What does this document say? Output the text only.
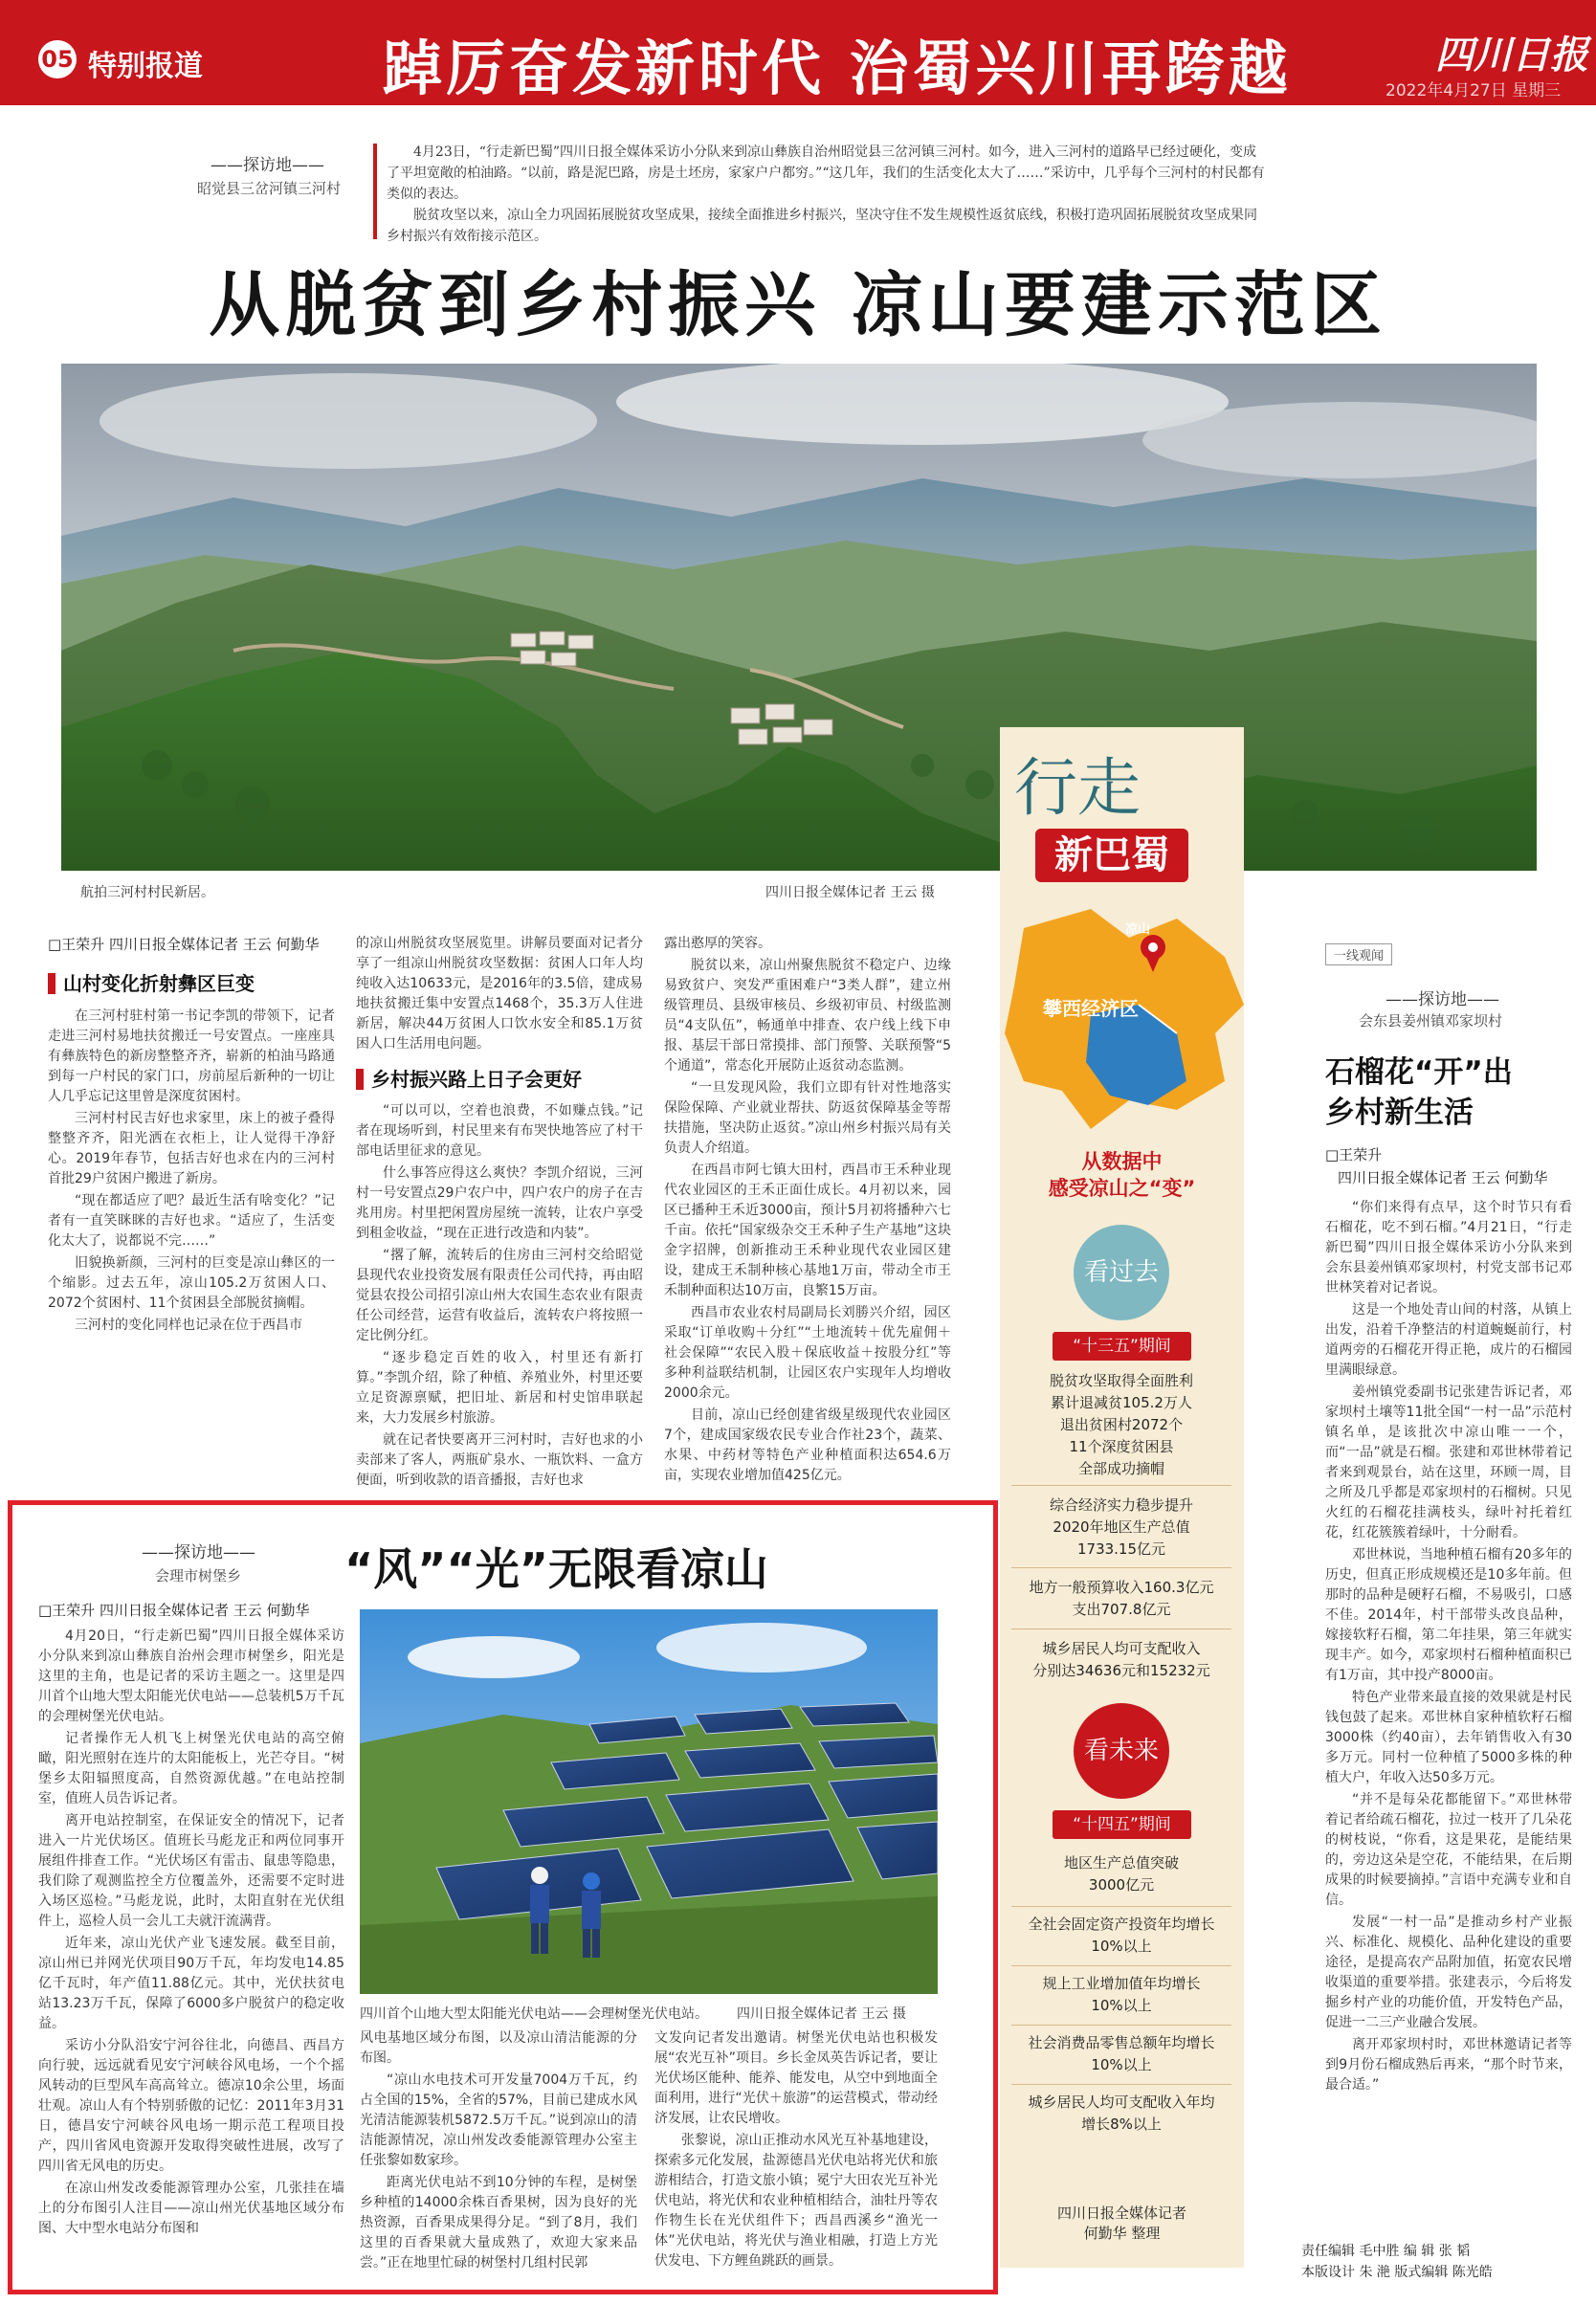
05 特别报道	踔厉奋发新时代 治蜀兴川再跨越	四川日报
2022年4月27日 星期三
——探访地——
昭觉县三岔河镇三河村
4月23日，“行走新巴蜀”四川日报全媒体采访小分队来到凉山彝族自治州昭觉县三岔河镇三河村。如今，进入三河村的道路早已经过硬化，变成了平坦宽敞的柏油路。“以前，路是泥巴路，房是土坯房，家家户户都穷。”“这几年，我们的生活变化太大了……”采访中，几乎每个三河村的村民都有类似的表达。
脱贫攻坚以来，凉山全力巩固拓展脱贫攻坚成果，接续全面推进乡村振兴，坚决守住不发生规模性返贫底线，积极打造巩固拓展脱贫攻坚成果同乡村振兴有效衔接示范区。
从脱贫到乡村振兴 凉山要建示范区
航拍三河村村民新居。	四川日报全媒体记者 王云 摄
□王荣升 四川日报全媒体记者 王云 何勤华
山村变化折射彝区巨变

在三河村驻村第一书记李凯的带领下，记者走进三河村易地扶贫搬迁一号安置点。一座座具有彝族特色的新房整整齐齐，崭新的柏油马路通到每一户村民的家门口，房前屋后新种的一切让人几乎忘记这里曾是深度贫困村。

三河村村民吉好也求家里，床上的被子叠得整整齐齐，阳光洒在衣柜上，让人觉得干净舒心。2019年春节，包括吉好也求在内的三河村首批29户贫困户搬进了新房。

“现在都适应了吧？最近生活有啥变化？”记者有一直笑眯眯的吉好也求。“适应了，生活变化太大了，说都说不完……”

旧貌换新颜，三河村的巨变是凉山彝区的一个缩影。过去五年，凉山105.2万贫困人口、2072个贫困村、11个贫困县全部脱贫摘帽。

三河村的变化同样也记录在位于西昌市

的凉山州脱贫攻坚展览里。讲解员要面对记者分享了一组凉山州脱贫攻坚数据：贫困人口年人均纯收入达10633元，是2016年的3.5倍，建成易地扶贫搬迁集中安置点1468个，35.3万人住进新居，解决44万贫困人口饮水安全和85.1万贫困人口生活用电问题。

乡村振兴路上日子会更好

“可以可以，空着也浪费，不如赚点钱。”记者在现场听到，村民里来有布哭快地答应了村干部电话里征求的意见。

什么事答应得这么爽快？李凯介绍说，三河村一号安置点29户农户中，四户农户的房子在吉兆用房。村里把闲置房屋统一流转，让农户享受到租金收益，“现在正进行改造和内装”。

“撂了解，流转后的住房由三河村交给昭觉县现代农业投资发展有限责任公司代持，再由昭觉县农投公司招引凉山州大农国生态农业有限责任公司经营，运营有收益后，流转农户将按照一定比例分红。

“逐步稳定百姓的收入，村里还有新打算。”李凯介绍，除了种植、养殖业外，村里还要立足资源禀赋，把旧址、新居和村史馆串联起来，大力发展乡村旅游。

就在记者快要离开三河村时，吉好也求的小卖部来了客人，两瓶矿泉水、一瓶饮料、一盒方便面，听到收款的语音播报，吉好也求

露出憨厚的笑容。

脱贫以来，凉山州聚焦脱贫不稳定户、边缘易致贫户、突发严重困难户“3类人群”，建立州级管理员、县级审核员、乡级初审员、村级监测员“4支队伍”，畅通单中排查、农户线上线下申报、基层干部日常摸排、部门预警、关联预警“5个通道”，常态化开展防止返贫动态监测。

“一旦发现风险，我们立即有针对性地落实保险保障、产业就业帮扶、防返贫保障基金等帮扶措施，坚决防止返贫。”凉山州乡村振兴局有关负责人介绍道。

在西昌市阿七镇大田村，西昌市王禾种业现代农业园区的王禾正面仕成长。4月初以来，园区已播种王禾近3000亩，预计5月初将播种六七千亩。依托“国家级杂交王禾种子生产基地”这块金字招牌，创新推动王禾种业现代农业园区建设，建成王禾制种核心基地1万亩，带动全市王禾制种面积达10万亩，良繁15万亩。

西昌市农业农村局副局长刘勝兴介绍，园区采取“订单收购＋分红”“土地流转＋优先雇佣＋社会保障”“农民入股＋保底收益＋按股分红”等多种利益联结机制，让园区农户实现年人均增收2000余元。

目前，凉山已经创建省级星级现代农业园区7个，建成国家级农民专业合作社23个，蔬菜、水果、中药材等特色产业种植面积达654.6万亩，实现农业增加值425亿元。

行走
新巴蜀
凉山
攀西经济区
从数据中
感受凉山之“变”
看过去
“十三五”期间
脱贫攻坚取得全面胜利
累计退减贫105.2万人
退出贫困村2072个
11个深度贫困县
全部成功摘帽
综合经济实力稳步提升
2020年地区生产总值
1733.15亿元
地方一般预算收入160.3亿元
支出707.8亿元
城乡居民人均可支配收入
分别达34636元和15232元
看未来
“十四五”期间
地区生产总值突破
3000亿元
全社会固定资产投资年均增长
10%以上
规上工业增加值年均增长
10%以上
社会消费品零售总额年均增长
10%以上
城乡居民人均可支配收入年均
增长8%以上
四川日报全媒体记者
何勤华 整理
一线观闻
——探访地——
会东县姜州镇邓家坝村
石榴花“开”出
乡村新生活
□王荣升
四川日报全媒体记者 王云 何勤华

“你们来得有点早，这个时节只有看石榴花，吃不到石榴。”4月21日，“行走新巴蜀”四川日报全媒体采访小分队来到会东县姜州镇邓家坝村，村党支部书记邓世林笑着对记者说。

这是一个地处青山间的村落，从镇上出发，沿着千净整洁的村道蜿蜒前行，村道两旁的石榴花开得正艳，成片的石榴园里满眼绿意。

姜州镇党委副书记张建告诉记者，邓家坝村土壤等11批全国“一村一品”示范村镇名单，是该批次中凉山唯一一个，而“一品”就是石榴。张建和邓世林带着记者来到观景台，站在这里，环顾一周，目之所及几乎都是邓家坝村的石榴树。只见火红的石榴花挂满枝头，绿叶衬托着红花，红花簇簇着绿叶，十分耐看。

邓世林说，当地种植石榴有20多年的历史，但真正形成规模还是10多年前。但那时的品种是硬籽石榴，不易吸引，口感不佳。2014年，村干部带头改良品种，嫁接软籽石榴，第二年挂果，第三年就实现丰产。如今，邓家坝村石榴种植面积已有1万亩，其中投产8000亩。

特色产业带来最直接的效果就是村民钱包鼓了起来。邓世林自家种植软籽石榴3000株（约40亩），去年销售收入有30多万元。同村一位种植了5000多株的种植大户，年收入达50多万元。

“并不是每朵花都能留下。”邓世林带着记者给疏石榴花，拉过一枝开了几朵花的树枝说，“你看，这是果花，是能结果的，旁边这朵是空花，不能结果，在后期成果的时候要摘掉。”言语中充满专业和自信。

发展“一村一品”是推动乡村产业振兴、标准化、规模化、品种化建设的重要途径，是提高农产品附加值，拓宽农民增收渠道的重要举措。张建表示，今后将发掘乡村产业的功能价值，开发特色产品，促进一二三产业融合发展。

离开邓家坝村时，邓世林邀请记者等到9月份石榴成熟后再来，“那个时节来，最合适。”

——探访地——
会理市树堡乡 “风”“光”无限看凉山
□王荣升 四川日报全媒体记者 王云 何勤华

4月20日，“行走新巴蜀”四川日报全媒体采访小分队来到凉山彝族自治州会理市树堡乡，阳光是这里的主角，也是记者的采访主题之一。这里是四川首个山地大型太阳能光伏电站——总装机5万千瓦的会理树堡光伏电站。

记者操作无人机飞上树堡光伏电站的高空俯瞰，阳光照射在连片的太阳能板上，光芒夺目。“树堡乡太阳辐照度高，自然资源优越。”在电站控制室，值班人员告诉记者。

离开电站控制室，在保证安全的情况下，记者进入一片光伏场区。值班长马彪龙正和两位同事开展组件排查工作。“光伏场区有雷击、鼠患等隐患，我们除了观测监控全方位覆盖外，还需要不定时进入场区巡检。”马彪龙说，此时，太阳直射在光伏组件上，巡检人员一会儿工夫就汗流满背。

近年来，凉山光伏产业飞速发展。截至目前，凉山州已并网光伏项目90万千瓦，年均发电14.85亿千瓦时，年产值11.88亿元。其中，光伏扶贫电站13.23万千瓦，保障了6000多户脱贫户的稳定收益。

采访小分队沿安宁河谷往北，向德昌、西昌方向行驶，远远就看见安宁河峡谷风电场，一个个摇风转动的巨型风车高高耸立。德凉10余公里，场面壮观。凉山人有个特别骄傲的记忆：2011年3月31日，德昌安宁河峡谷风电场一期示范工程项目投产，四川省风电资源开发取得突破性进展，改写了四川省无风电的历史。

在凉山州发改委能源管理办公室，几张挂在墙上的分布图引人注目——凉山州光伏基地区域分布图、大中型水电站分布图和

四川首个山地大型太阳能光伏电站——会理树堡光伏电站。 四川日报全媒体记者 王云 摄

风电基地区域分布图，以及凉山清洁能源的分布图。

“凉山水电技术可开发量7004万千瓦，约占全国的15%，全省的57%，目前已建成水风光清洁能源装机5872.5万千瓦。”说到凉山的清洁能源情况，凉山州发改委能源管理办公室主任张黎如数家珍。

距离光伏电站不到10分钟的车程，是树堡乡种植的14000余株百香果树，因为良好的光热资源，百香果成果得分足。“到了8月，我们这里的百香果就大量成熟了，欢迎大家来品尝。”正在地里忙碌的树堡村几组村民郭

文发向记者发出邀请。树堡光伏电站也积极发展“农光互补”项目。乡长金凤英告诉记者，要让光伏场区能种、能养、能发电，从空中到地面全面利用，进行“光伏＋旅游”的运营模式，带动经济发展，让农民增收。

张黎说，凉山正推动水风光互补基地建设，探索多元化发展，盐源德昌光伏电站将光伏和旅游相结合，打造文旅小镇；冕宁大田农光互补光伏电站，将光伏和农业种植相结合，油牡丹等农作物生长在光伏组件下；西昌西溪乡“渔光一体”光伏电站，将光伏与渔业相融，打造上方光伏发电、下方鲤鱼跳跃的画景。

责任编辑 毛中胜 编 辑 张 韬
本版设计 朱 滟 版式编辑 陈光皓
